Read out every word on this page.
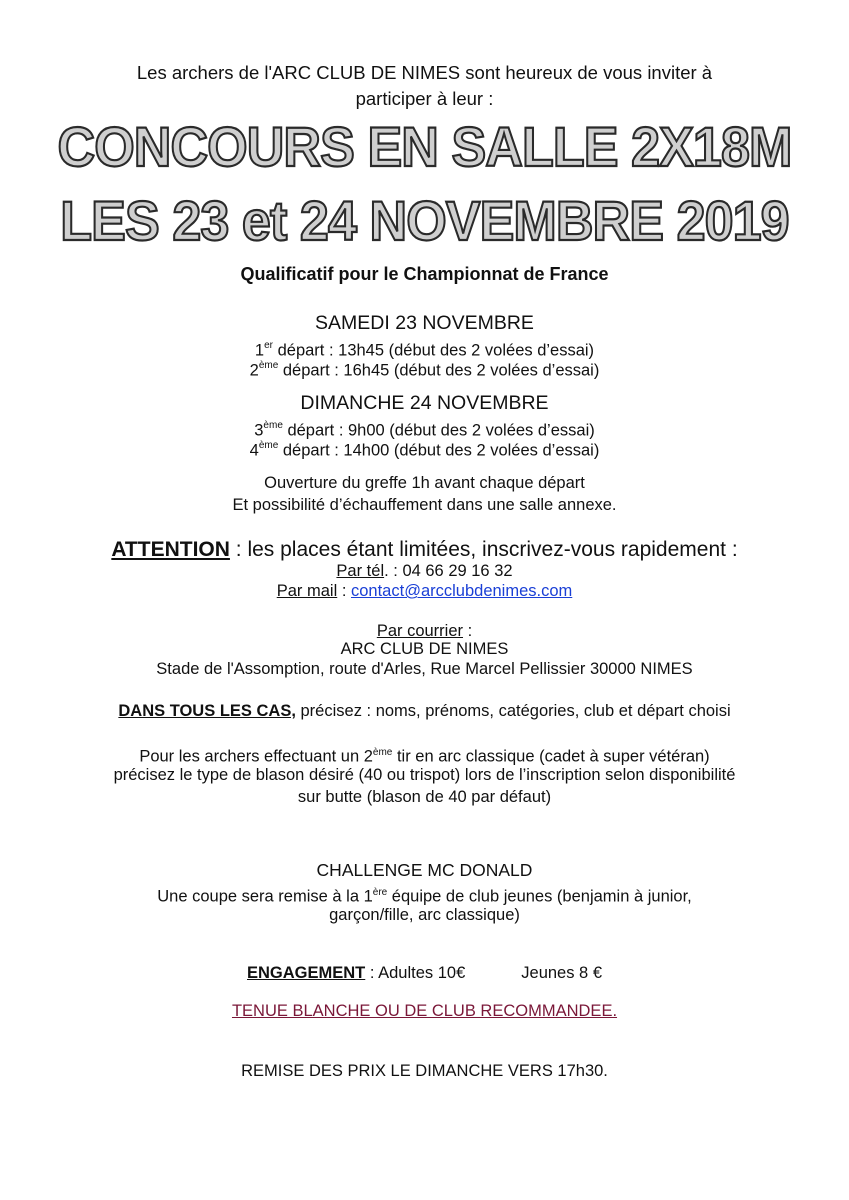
Les archers de l'ARC CLUB DE NIMES sont heureux de vous inviter à
participer à leur :
CONCOURS EN SALLE 2X18M
LES 23 et 24 NOVEMBRE 2019
Qualificatif pour le Championnat de France
SAMEDI 23 NOVEMBRE
1er départ : 13h45 (début des 2 volées d’essai)
2ème départ : 16h45 (début des 2 volées d’essai)
DIMANCHE 24 NOVEMBRE
3ème départ : 9h00 (début des 2 volées d’essai)
4ème départ : 14h00 (début des 2 volées d’essai)
Ouverture du greffe 1h avant chaque départ
Et possibilité d’échauffement dans une salle annexe.
ATTENTION : les places étant limitées, inscrivez-vous rapidement :
Par tél. : 04 66 29 16 32
Par mail : contact@arcclubdenimes.com
Par courrier :
ARC CLUB DE NIMES
Stade de l'Assomption, route d'Arles, Rue Marcel Pellissier 30000 NIMES
DANS TOUS LES CAS, précisez : noms, prénoms, catégories, club et départ choisi
Pour les archers effectuant un 2ème tir en arc classique (cadet à super vétéran)
précisez le type de blason désiré (40 ou trispot) lors de l’inscription selon disponibilité
sur butte (blason de 40 par défaut)
CHALLENGE MC DONALD
Une coupe sera remise à la 1ère équipe de club jeunes (benjamin à junior,
garçon/fille, arc classique)
ENGAGEMENT : Adultes 10€	Jeunes 8 €
TENUE BLANCHE OU DE CLUB RECOMMANDEE.
REMISE DES PRIX LE DIMANCHE VERS 17h30.
